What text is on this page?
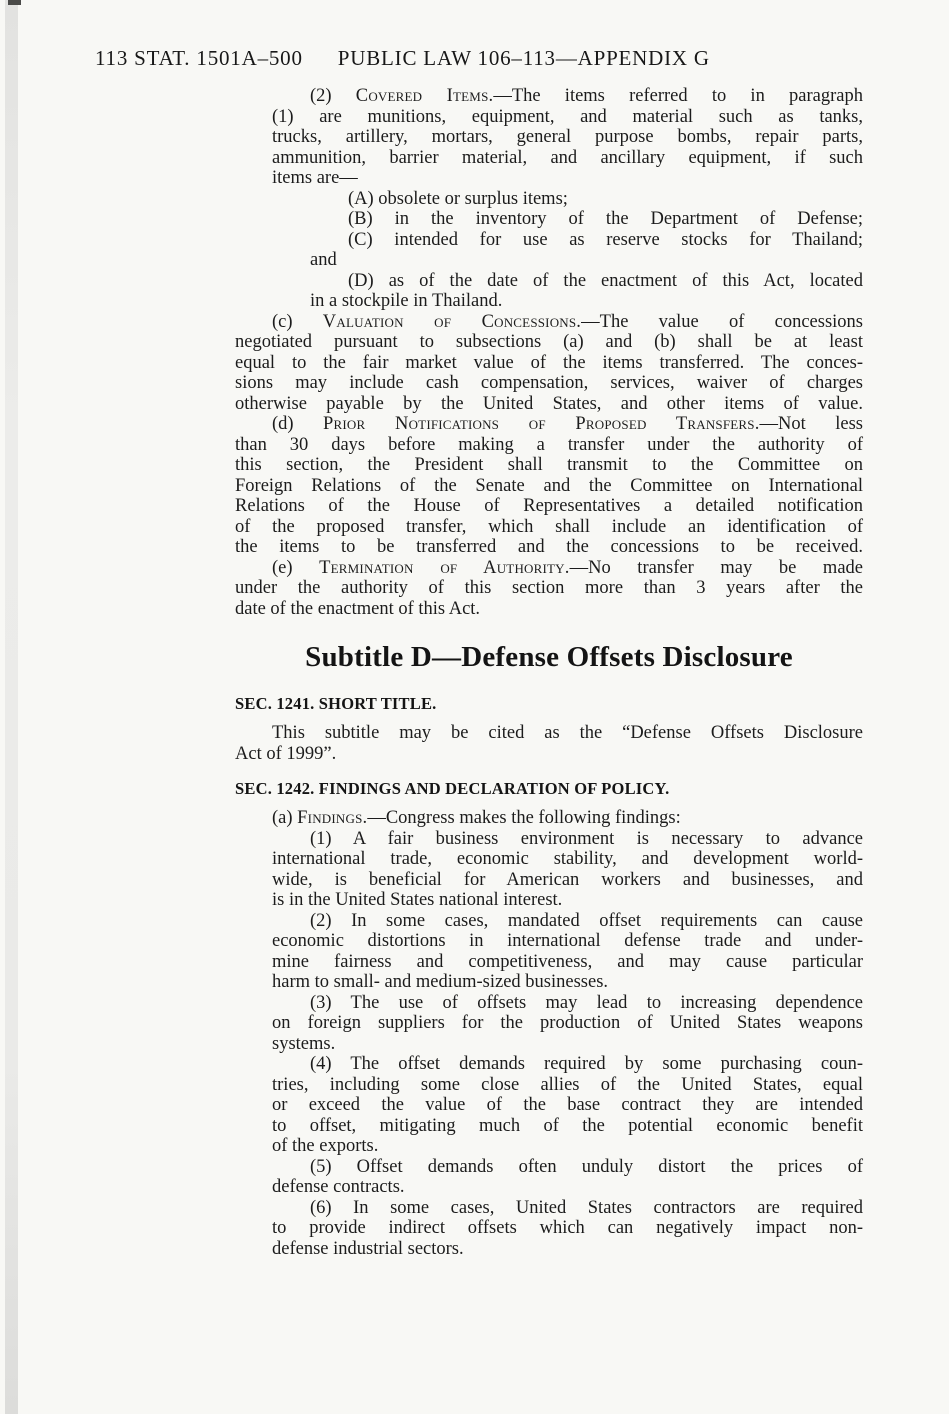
113 STAT. 1501A–500 PUBLIC LAW 106–113—APPENDIX G
(2) Covered Items.—The items referred to in paragraph
(1) are munitions, equipment, and material such as tanks,
trucks, artillery, mortars, general purpose bombs, repair parts,
ammunition, barrier material, and ancillary equipment, if such
items are—
(A) obsolete or surplus items;
(B) in the inventory of the Department of Defense;
(C) intended for use as reserve stocks for Thailand;
and
(D) as of the date of the enactment of this Act, located
in a stockpile in Thailand.
(c) Valuation of Concessions.—The value of concessions
negotiated pursuant to subsections (a) and (b) shall be at least
equal to the fair market value of the items transferred. The conces-
sions may include cash compensation, services, waiver of charges
otherwise payable by the United States, and other items of value.
(d) Prior Notifications of Proposed Transfers.—Not less
than 30 days before making a transfer under the authority of
this section, the President shall transmit to the Committee on
Foreign Relations of the Senate and the Committee on International
Relations of the House of Representatives a detailed notification
of the proposed transfer, which shall include an identification of
the items to be transferred and the concessions to be received.
(e) Termination of Authority.—No transfer may be made
under the authority of this section more than 3 years after the
date of the enactment of this Act.
Subtitle D—Defense Offsets Disclosure
SEC. 1241. SHORT TITLE.
This subtitle may be cited as the “Defense Offsets Disclosure
Act of 1999”.
SEC. 1242. FINDINGS AND DECLARATION OF POLICY.
(a) Findings.—Congress makes the following findings:
(1) A fair business environment is necessary to advance
international trade, economic stability, and development world-
wide, is beneficial for American workers and businesses, and
is in the United States national interest.
(2) In some cases, mandated offset requirements can cause
economic distortions in international defense trade and under-
mine fairness and competitiveness, and may cause particular
harm to small- and medium-sized businesses.
(3) The use of offsets may lead to increasing dependence
on foreign suppliers for the production of United States weapons
systems.
(4) The offset demands required by some purchasing coun-
tries, including some close allies of the United States, equal
or exceed the value of the base contract they are intended
to offset, mitigating much of the potential economic benefit
of the exports.
(5) Offset demands often unduly distort the prices of
defense contracts.
(6) In some cases, United States contractors are required
to provide indirect offsets which can negatively impact non-
defense industrial sectors.
